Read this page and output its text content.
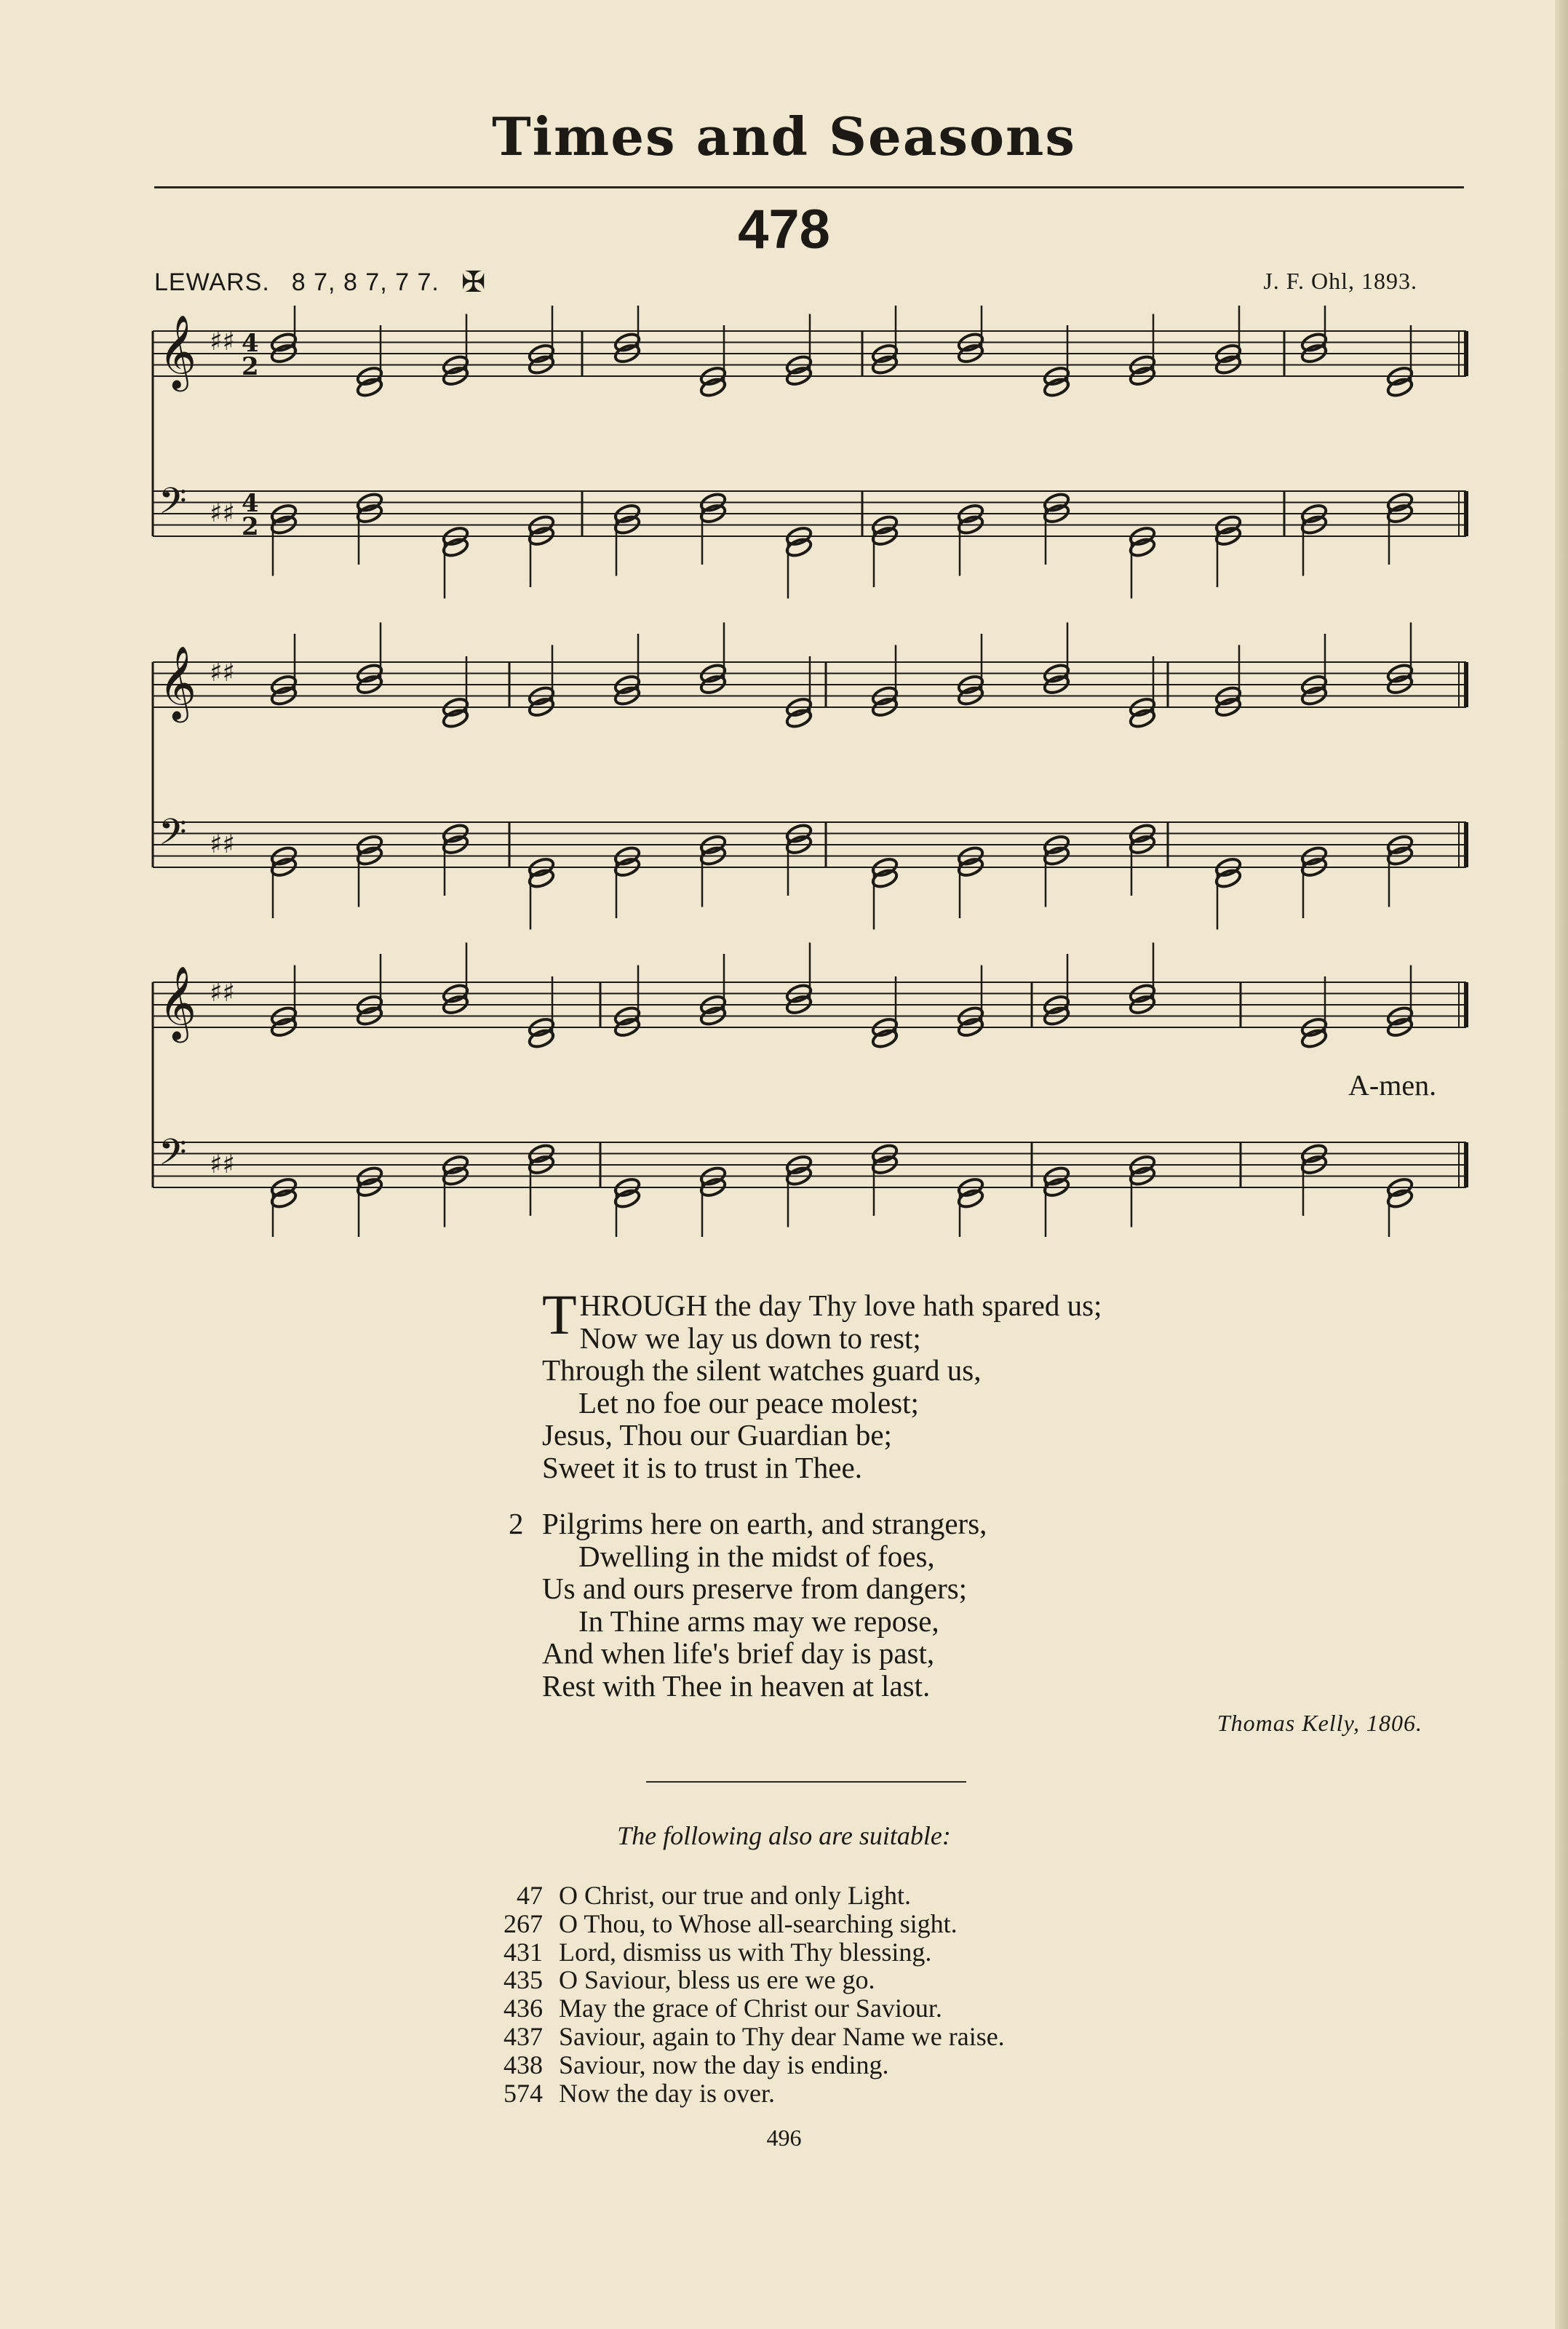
Times and Seasons
478
LEWARS. 8 7, 8 7, 7 7. ✠	J. F. Ohl, 1893.
𝄞 ♯♯ 4
2
𝄢 ♯♯ 4
2
𝄞 ♯♯
𝄢 ♯♯
𝄞 ♯♯
𝄢 ♯♯
A-men.
T HROUGH the day Thy love hath spared us;
Now we lay us down to rest;
Through the silent watches guard us,
Let no foe our peace molest;
Jesus, Thou our Guardian be;
Sweet it is to trust in Thee.
2 Pilgrims here on earth, and strangers,
Dwelling in the midst of foes,
Us and ours preserve from dangers;
In Thine arms may we repose,
And when life's brief day is past,
Rest with Thee in heaven at last.
Thomas Kelly, 1806.
The following also are suitable:
47 O Christ, our true and only Light.
267 O Thou, to Whose all-searching sight.
431 Lord, dismiss us with Thy blessing.
435 O Saviour, bless us ere we go.
436 May the grace of Christ our Saviour.
437 Saviour, again to Thy dear Name we raise.
438 Saviour, now the day is ending.
574 Now the day is over.
496
